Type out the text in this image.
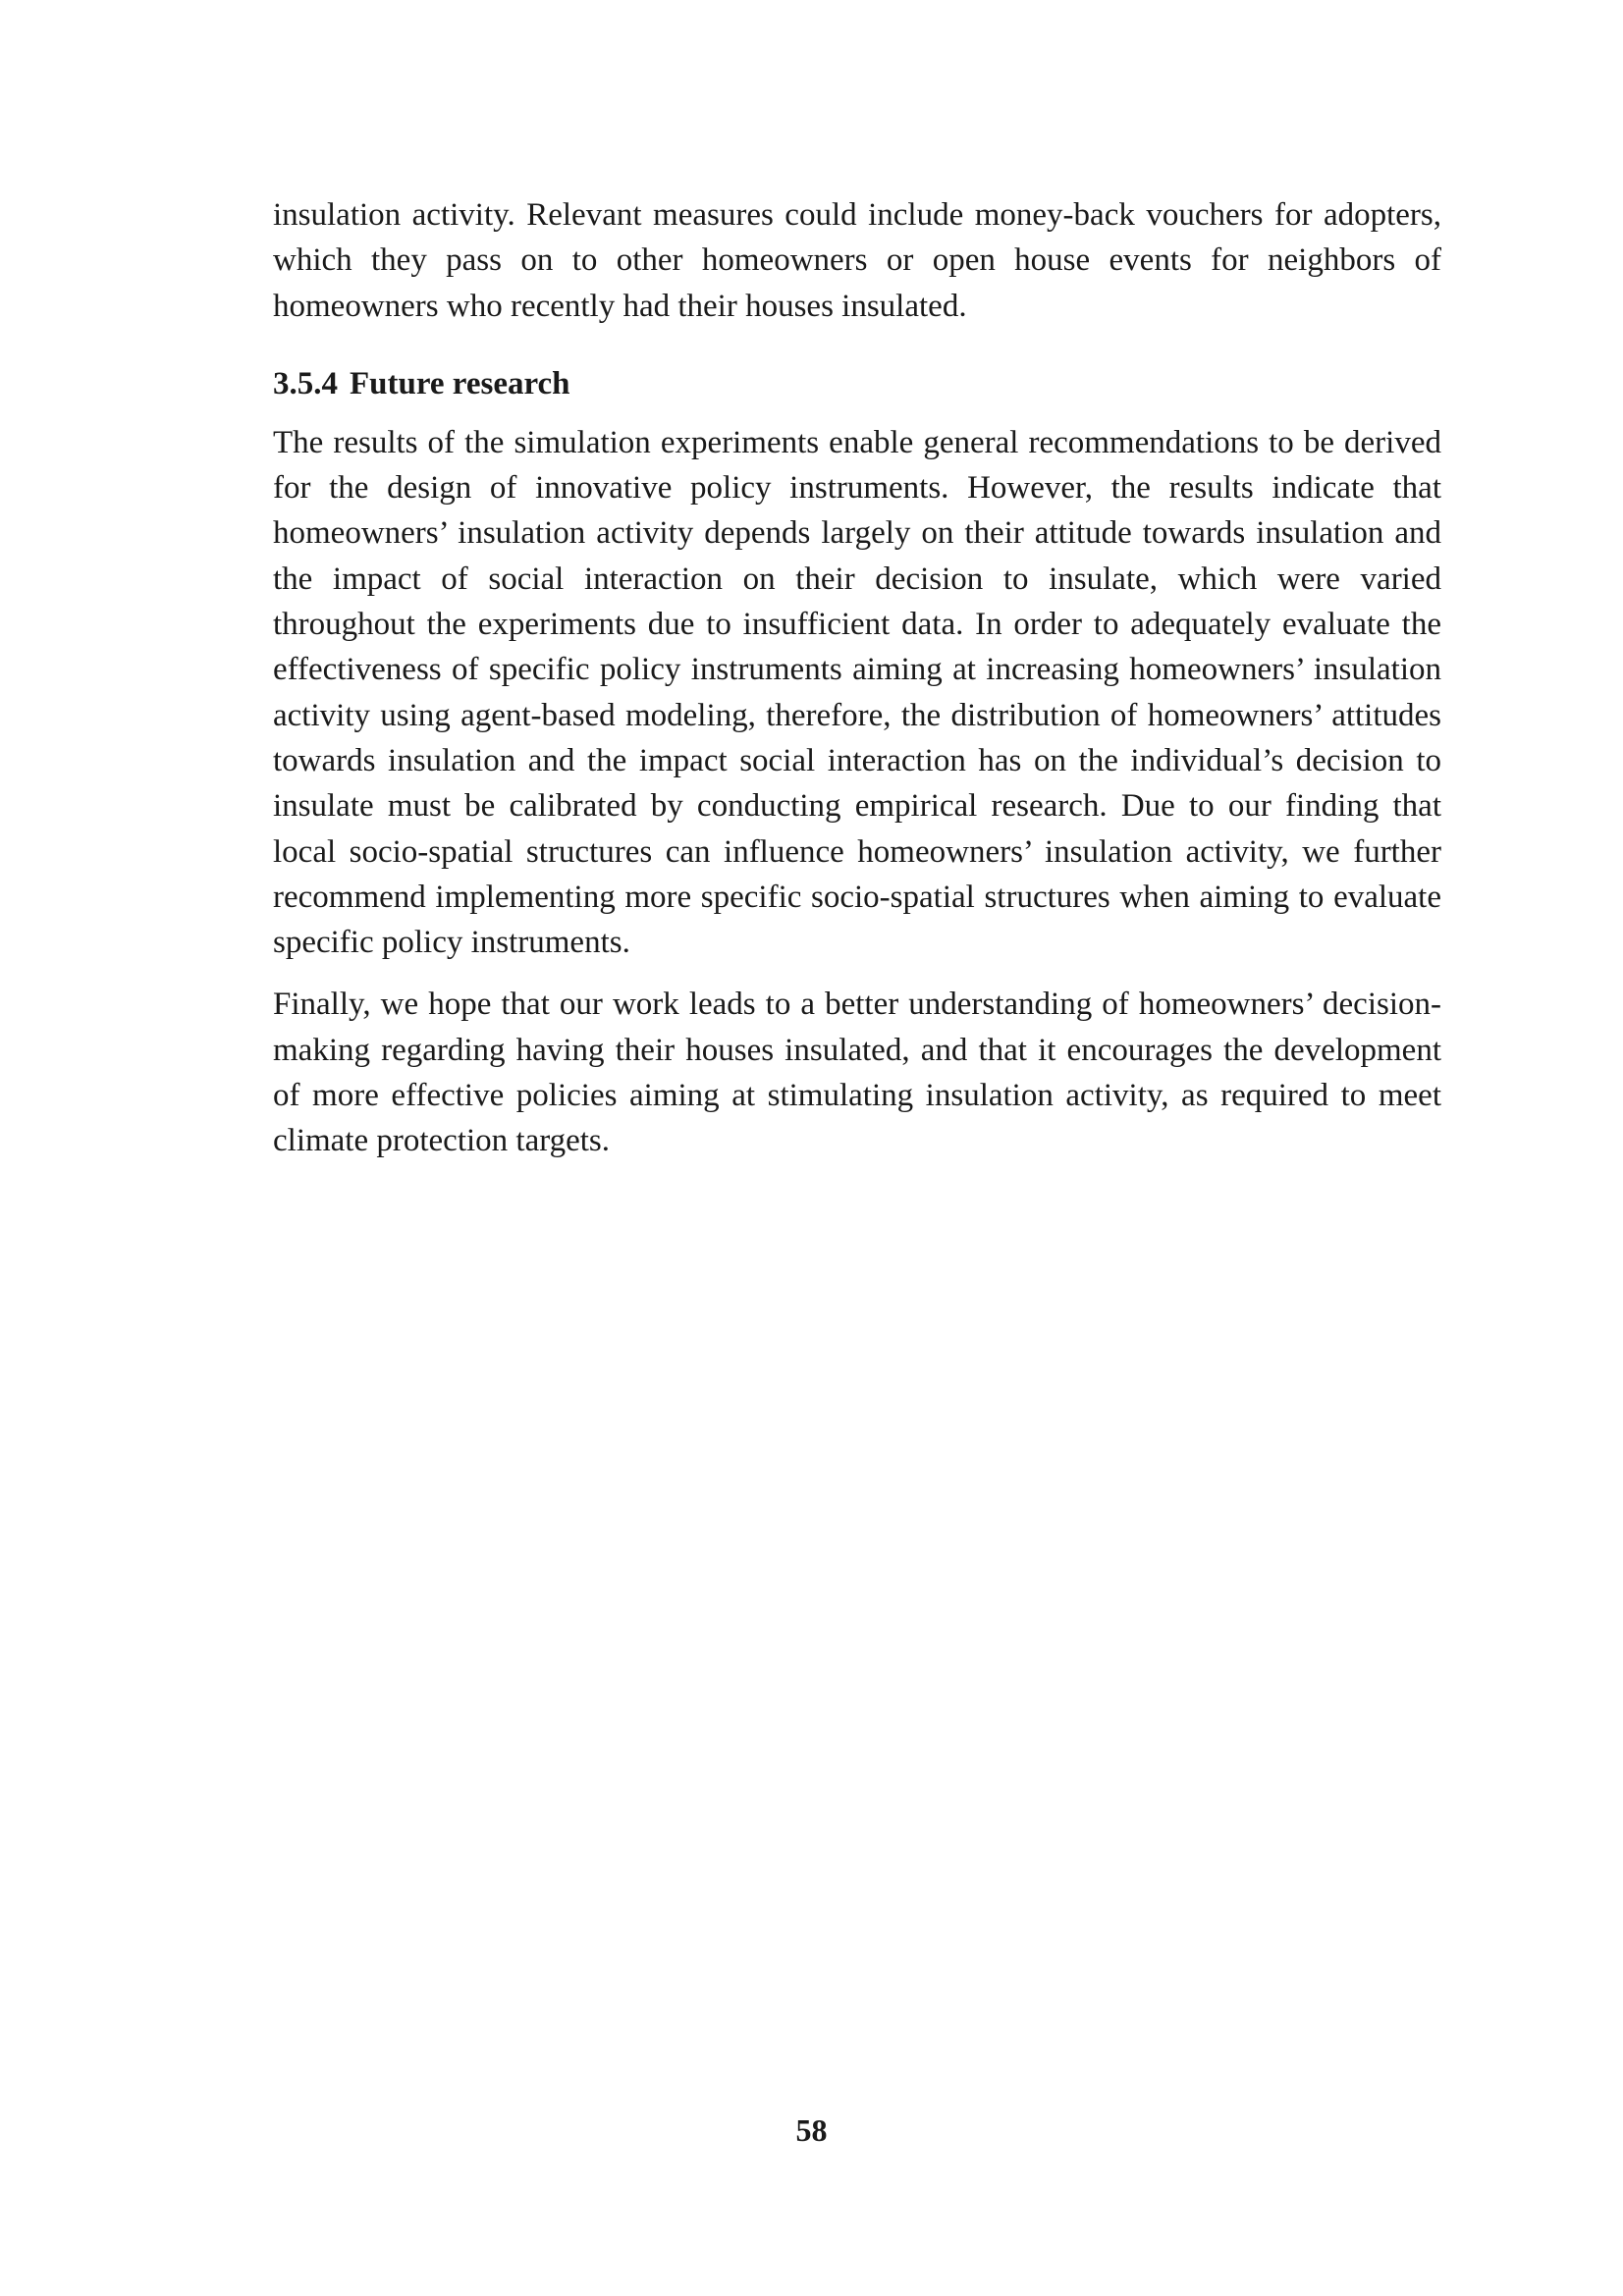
insulation activity. Relevant measures could include money-back vouchers for adopters, which they pass on to other homeowners or open house events for neighbors of homeowners who recently had their houses insulated.

3.5.4 Future research

The results of the simulation experiments enable general recommendations to be derived for the design of innovative policy instruments. However, the results indicate that homeowners’ insulation activity depends largely on their attitude towards insulation and the impact of social interaction on their decision to insulate, which were varied throughout the experiments due to insufficient data. In order to adequately evaluate the effectiveness of specific policy instruments aiming at increasing homeowners’ insulation activity using agent-based modeling, therefore, the distribution of homeowners’ attitudes towards insulation and the impact social interaction has on the individual’s decision to insulate must be calibrated by conducting empirical research. Due to our finding that local socio-spatial structures can influence homeowners’ insulation activity, we further recommend implementing more specific socio-spatial structures when aiming to evaluate specific policy instruments.

Finally, we hope that our work leads to a better understanding of homeowners’ decision-making regarding having their houses insulated, and that it encourages the development of more effective policies aiming at stimulating insulation activity, as required to meet climate protection targets.

58
